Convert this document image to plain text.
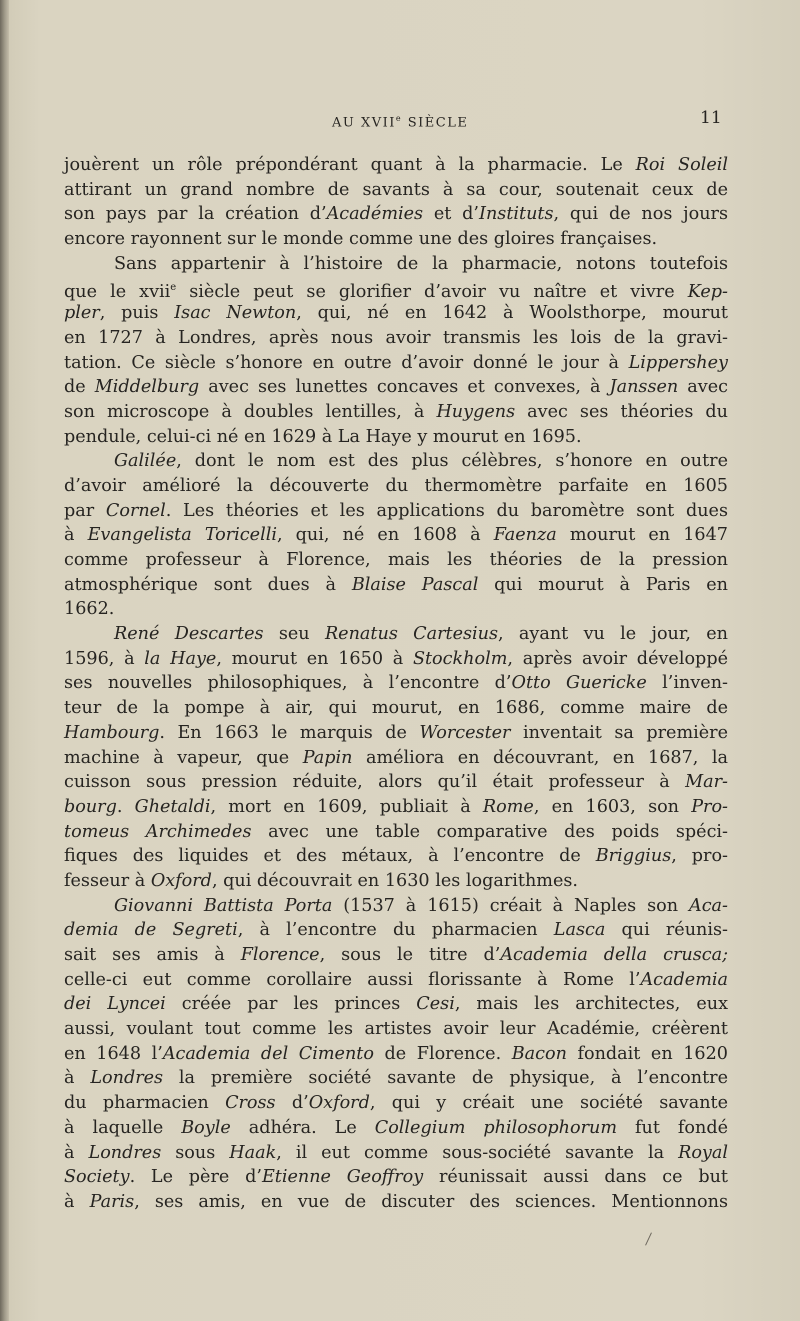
AU XVIIe SIÈCLE	11
jouèrent un rôle prépondérant quant à la pharmacie. Le Roi Soleil
attirant un grand nombre de savants à sa cour, soutenait ceux de
son pays par la création d’Académies et d’Instituts, qui de nos jours
encore rayonnent sur le monde comme une des gloires françaises.
Sans appartenir à l’histoire de la pharmacie, notons toutefois
que le xvii$^e$ siècle peut se glorifier d’avoir vu naître et vivre Kep-
pler, puis Isac Newton, qui, né en 1642 à Woolsthorpe, mourut
en 1727 à Londres, après nous avoir transmis les lois de la gravi-
tation. Ce siècle s’honore en outre d’avoir donné le jour à Lippershey
de Middelburg avec ses lunettes concaves et convexes, à Janssen avec
son microscope à doubles lentilles, à Huygens avec ses théories du
pendule, celui-ci né en 1629 à La Haye y mourut en 1695.
Galilée, dont le nom est des plus célèbres, s’honore en outre
d’avoir amélioré la découverte du thermomètre parfaite en 1605
par Cornel. Les théories et les applications du baromètre sont dues
à Evangelista Toricelli, qui, né en 1608 à Faenza mourut en 1647
comme professeur à Florence, mais les théories de la pression
atmosphérique sont dues à Blaise Pascal qui mourut à Paris en
1662.
René Descartes seu Renatus Cartesius, ayant vu le jour, en
1596, à la Haye, mourut en 1650 à Stockholm, après avoir développé
ses nouvelles philosophiques, à l’encontre d’Otto Guericke l’inven-
teur de la pompe à air, qui mourut, en 1686, comme maire de
Hambourg. En 1663 le marquis de Worcester inventait sa première
machine à vapeur, que Papin améliora en découvrant, en 1687, la
cuisson sous pression réduite, alors qu’il était professeur à Mar-
bourg. Ghetaldi, mort en 1609, publiait à Rome, en 1603, son Pro-
tomeus Archimedes avec une table comparative des poids spéci-
fiques des liquides et des métaux, à l’encontre de Briggius, pro-
fesseur à Oxford, qui découvrait en 1630 les logarithmes.
Giovanni Battista Porta (1537 à 1615) créait à Naples son Aca-
demia de Segreti, à l’encontre du pharmacien Lasca qui réunis-
sait ses amis à Florence, sous le titre d’Academia della crusca;
celle-ci eut comme corollaire aussi florissante à Rome l’Academia
dei Lyncei créée par les princes Cesi, mais les architectes, eux
aussi, voulant tout comme les artistes avoir leur Académie, créèrent
en 1648 l’Academia del Cimento de Florence. Bacon fondait en 1620
à Londres la première société savante de physique, à l’encontre
du pharmacien Cross d’Oxford, qui y créait une société savante
à laquelle Boyle adhéra. Le Collegium philosophorum fut fondé
à Londres sous Haak, il eut comme sous-société savante la Royal
Society. Le père d’Etienne Geoffroy réunissait aussi dans ce but
à Paris, ses amis, en vue de discuter des sciences. Mentionnons
